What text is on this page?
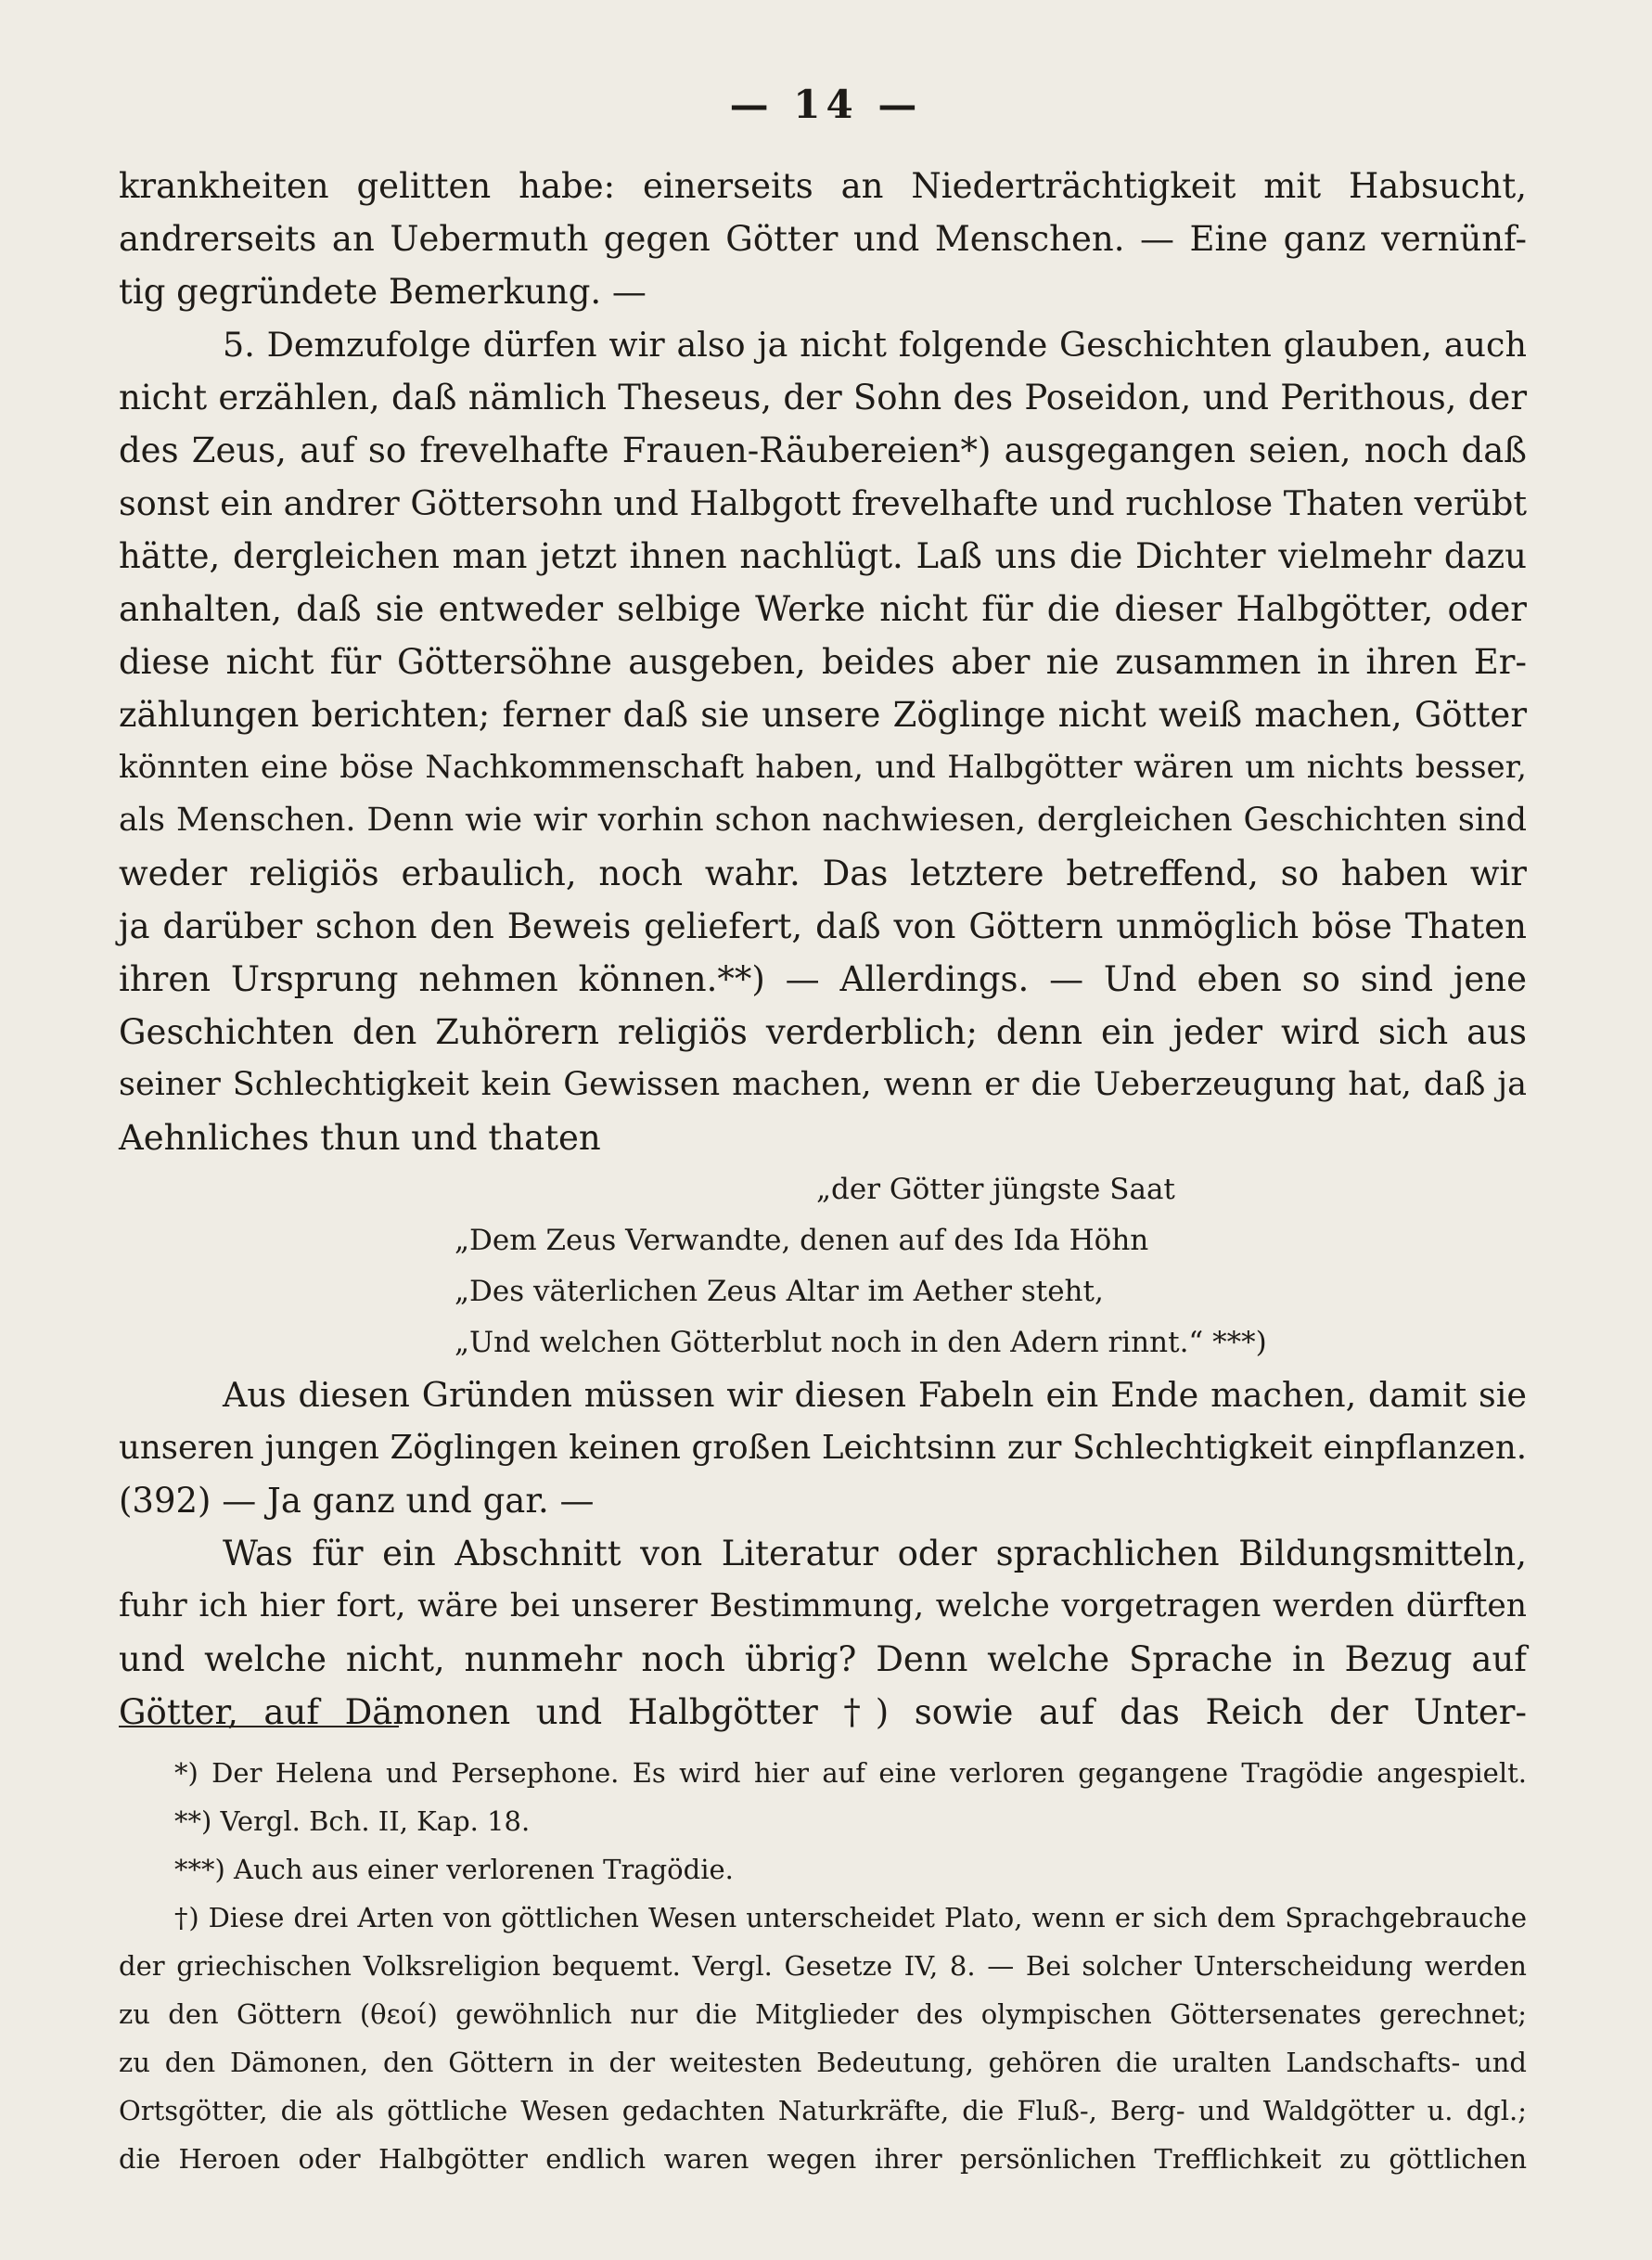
— 14 —
krankheiten gelitten habe: einerseits an Niederträchtigkeit mit Habsucht,
andrerseits an Uebermuth gegen Götter und Menschen. — Eine ganz vernünf-
tig gegründete Bemerkung. —
5. Demzufolge dürfen wir also ja nicht folgende Geschichten glauben, auch
nicht erzählen, daß nämlich Theseus, der Sohn des Poseidon, und Perithous, der
des Zeus, auf so frevelhafte Frauen-Räubereien*) ausgegangen seien, noch daß
sonst ein andrer Göttersohn und Halbgott frevelhafte und ruchlose Thaten verübt
hätte, dergleichen man jetzt ihnen nachlügt. Laß uns die Dichter vielmehr dazu
anhalten, daß sie entweder selbige Werke nicht für die dieser Halbgötter, oder
diese nicht für Göttersöhne ausgeben, beides aber nie zusammen in ihren Er-
zählungen berichten; ferner daß sie unsere Zöglinge nicht weiß machen, Götter
könnten eine böse Nachkommenschaft haben, und Halbgötter wären um nichts besser,
als Menschen. Denn wie wir vorhin schon nachwiesen, dergleichen Geschichten sind
weder religiös erbaulich, noch wahr. Das letztere betreffend, so haben wir
ja darüber schon den Beweis geliefert, daß von Göttern unmöglich böse Thaten
ihren Ursprung nehmen können.**) — Allerdings. — Und eben so sind jene
Geschichten den Zuhörern religiös verderblich; denn ein jeder wird sich aus
seiner Schlechtigkeit kein Gewissen machen, wenn er die Ueberzeugung hat, daß ja
Aehnliches thun und thaten
„der Götter jüngste Saat
„Dem Zeus Verwandte, denen auf des Ida Höhn
„Des väterlichen Zeus Altar im Aether steht,
„Und welchen Götterblut noch in den Adern rinnt.“ ***)
Aus diesen Gründen müssen wir diesen Fabeln ein Ende machen, damit sie
unseren jungen Zöglingen keinen großen Leichtsinn zur Schlechtigkeit einpflanzen.
(392) — Ja ganz und gar. —
Was für ein Abschnitt von Literatur oder sprachlichen Bildungsmitteln,
fuhr ich hier fort, wäre bei unserer Bestimmung, welche vorgetragen werden dürften
und welche nicht, nunmehr noch übrig? Denn welche Sprache in Bezug auf
Götter, auf Dämonen und Halbgötter †) sowie auf das Reich der Unter-
*) Der Helena und Persephone. Es wird hier auf eine verloren gegangene Tragödie angespielt.
**) Vergl. Bch. II, Kap. 18.
***) Auch aus einer verlorenen Tragödie.
†) Diese drei Arten von göttlichen Wesen unterscheidet Plato, wenn er sich dem Sprachgebrauche
der griechischen Volksreligion bequemt. Vergl. Gesetze IV, 8. — Bei solcher Unterscheidung werden
zu den Göttern (θεοί) gewöhnlich nur die Mitglieder des olympischen Göttersenates gerechnet;
zu den Dämonen, den Göttern in der weitesten Bedeutung, gehören die uralten Landschafts- und
Ortsgötter, die als göttliche Wesen gedachten Naturkräfte, die Fluß-, Berg- und Waldgötter u. dgl.;
die Heroen oder Halbgötter endlich waren wegen ihrer persönlichen Trefflichkeit zu göttlichen
